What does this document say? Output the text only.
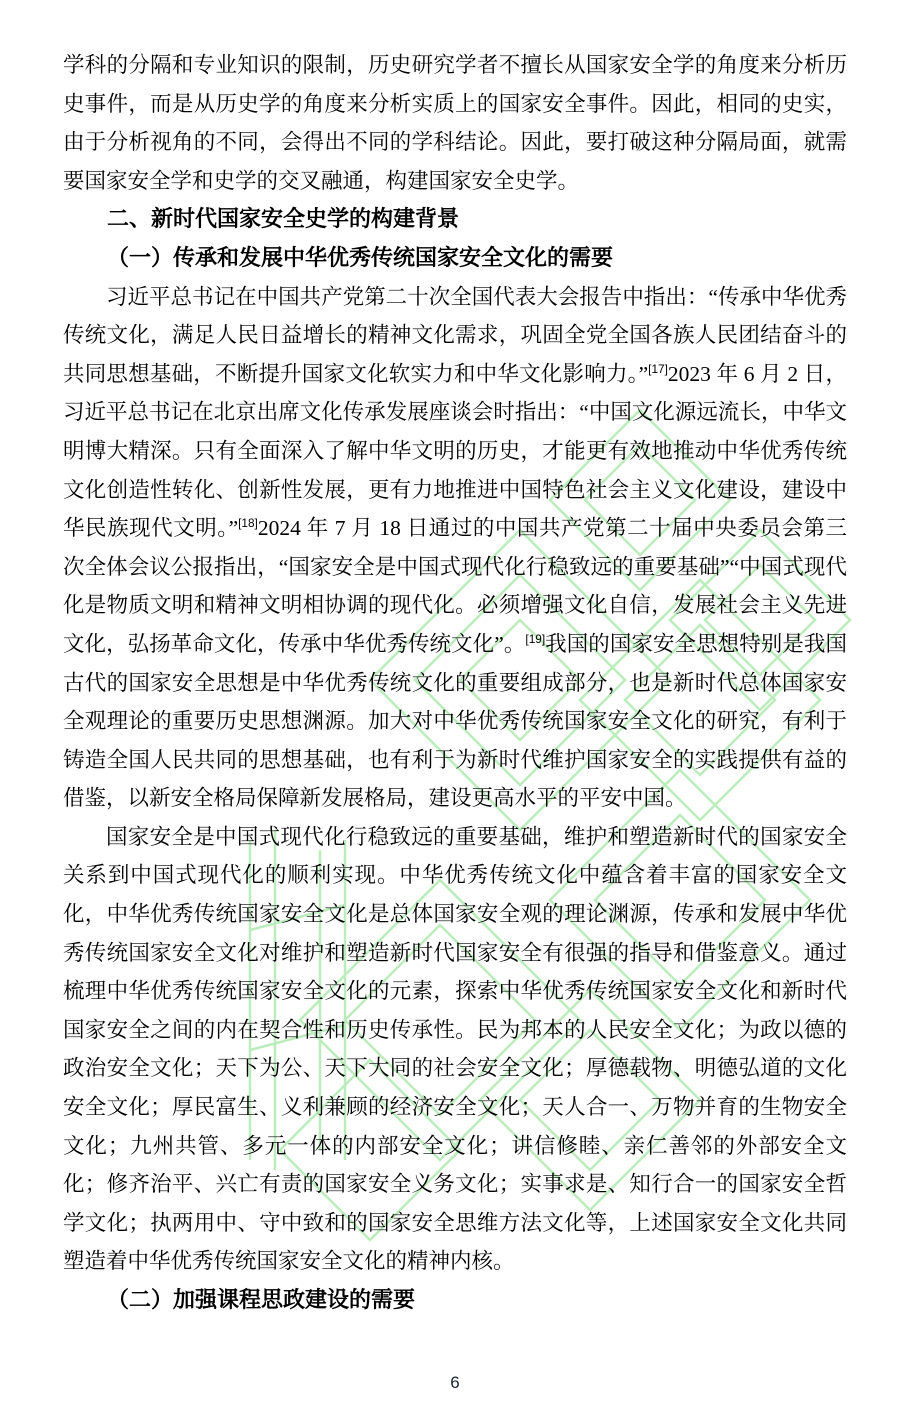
学科的分隔和专业知识的限制，历史研究学者不擅长从国家安全学的角度来分析历史事件，而是从历史学的角度来分析实质上的国家安全事件。因此，相同的史实，由于分析视角的不同，会得出不同的学科结论。因此，要打破这种分隔局面，就需要国家安全学和史学的交叉融通，构建国家安全史学。

二、新时代国家安全史学的构建背景
（一）传承和发展中华优秀传统国家安全文化的需要

习近平总书记在中国共产党第二十次全国代表大会报告中指出：“传承中华优秀传统文化，满足人民日益增长的精神文化需求，巩固全党全国各族人民团结奋斗的共同思想基础，不断提升国家文化软实力和中华文化影响力。”[17]2023 年 6 月 2 日，习近平总书记在北京出席文化传承发展座谈会时指出：“中国文化源远流长，中华文明博大精深。只有全面深入了解中华文明的历史，才能更有效地推动中华优秀传统文化创造性转化、创新性发展，更有力地推进中国特色社会主义文化建设，建设中华民族现代文明。”[18]2024 年 7 月 18 日通过的中国共产党第二十届中央委员会第三次全体会议公报指出，“国家安全是中国式现代化行稳致远的重要基础”“中国式现代化是物质文明和精神文明相协调的现代化。必须增强文化自信，发展社会主义先进文化，弘扬革命文化，传承中华优秀传统文化”。[19]我国的国家安全思想特别是我国古代的国家安全思想是中华优秀传统文化的重要组成部分，也是新时代总体国家安全观理论的重要历史思想渊源。加大对中华优秀传统国家安全文化的研究，有利于铸造全国人民共同的思想基础，也有利于为新时代维护国家安全的实践提供有益的借鉴，以新安全格局保障新发展格局，建设更高水平的平安中国。

国家安全是中国式现代化行稳致远的重要基础，维护和塑造新时代的国家安全关系到中国式现代化的顺利实现。中华优秀传统文化中蕴含着丰富的国家安全文化，中华优秀传统国家安全文化是总体国家安全观的理论渊源，传承和发展中华优秀传统国家安全文化对维护和塑造新时代国家安全有很强的指导和借鉴意义。通过梳理中华优秀传统国家安全文化的元素，探索中华优秀传统国家安全文化和新时代国家安全之间的内在契合性和历史传承性。民为邦本的人民安全文化；为政以德的政治安全文化；天下为公、天下大同的社会安全文化；厚德载物、明德弘道的文化安全文化；厚民富生、义利兼顾的经济安全文化；天人合一、万物并育的生物安全文化；九州共管、多元一体的内部安全文化；讲信修睦、亲仁善邻的外部安全文化；修齐治平、兴亡有责的国家安全义务文化；实事求是、知行合一的国家安全哲学文化；执两用中、守中致和的国家安全思维方法文化等，上述国家安全文化共同塑造着中华优秀传统国家安全文化的精神内核。

（二）加强课程思政建设的需要
6
